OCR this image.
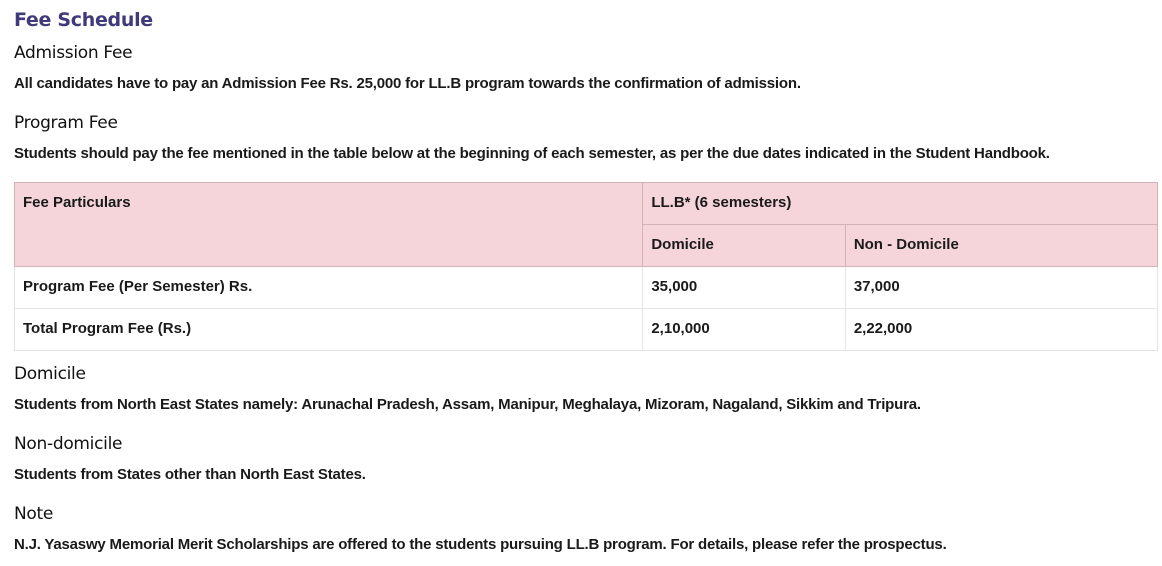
Fee Schedule
Admission Fee
All candidates have to pay an Admission Fee Rs. 25,000 for LL.B program towards the confirmation of admission.
Program Fee
Students should pay the fee mentioned in the table below at the beginning of each semester, as per the due dates indicated in the Student Handbook.
Fee Particulars	LL.B* (6 semesters)	
	Domicile	Non - Domicile
Program Fee (Per Semester) Rs.	35,000	37,000
Total Program Fee (Rs.)	2,10,000	2,22,000
Domicile
Students from North East States namely: Arunachal Pradesh, Assam, Manipur, Meghalaya, Mizoram, Nagaland, Sikkim and Tripura.
Non-domicile
Students from States other than North East States.
Note
N.J. Yasaswy Memorial Merit Scholarships are offered to the students pursuing LL.B program. For details, please refer the prospectus.
